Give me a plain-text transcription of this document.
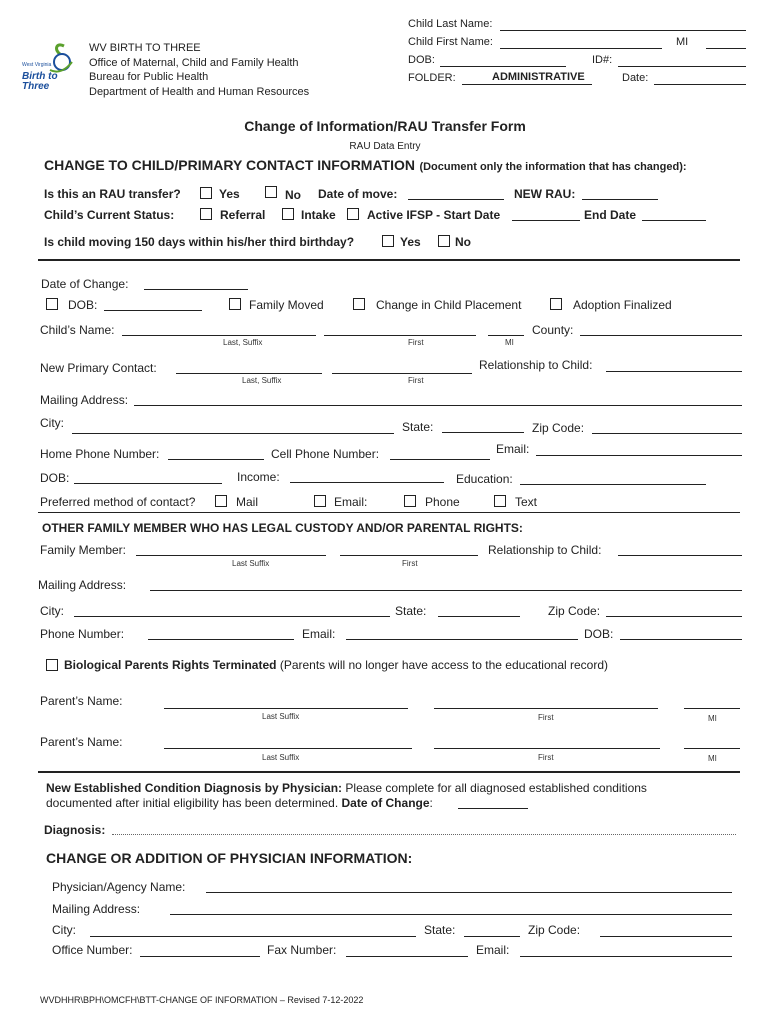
West Virginia
Birth to Three
WV BIRTH TO THREE
Office of Maternal, Child and Family Health
Bureau for Public Health
Department of Health and Human Resources
Child Last Name:
Child First Name:	MI
DOB:	ID#:
FOLDER:	ADMINISTRATIVE	Date:
Change of Information/RAU Transfer Form
RAU Data Entry
CHANGE TO CHILD/PRIMARY CONTACT INFORMATION (Document only the information that has changed):
Is this an RAU transfer?	Yes	No Date of move:	NEW RAU:
Child’s Current Status:	Referral	Intake	Active IFSP - Start Date	End Date
Is child moving 150 days within his/her third birthday?	Yes	No
Date of Change:
DOB:	Family Moved	Change in Child Placement	Adoption Finalized
Child’s Name:
Last, Suffix	First	MI
County:
New Primary Contact:
Last, Suffix	First
Relationship to Child:
Mailing Address:
City:	State:	Zip Code:
Home Phone Number:	Cell Phone Number:	Email:
DOB:	Income:	Education:
Preferred method of contact?	Mail	Email:	Phone	Text
OTHER FAMILY MEMBER WHO HAS LEGAL CUSTODY AND/OR PARENTAL RIGHTS:
Family Member:
Last Suffix	First
Relationship to Child:
Mailing Address:
City:	State:	Zip Code:
Phone Number:	Email:	DOB:
Biological Parents Rights Terminated (Parents will no longer have access to the educational record)
Parent’s Name:
Last Suffix	First	MI
Parent’s Name:
Last Suffix	First	MI
New Established Condition Diagnosis by Physician: Please complete for all diagnosed established conditions
documented after initial eligibility has been determined. Date of Change:
Diagnosis:
CHANGE OR ADDITION OF PHYSICIAN INFORMATION:
Physician/Agency Name:
Mailing Address:
City:	State:	Zip Code:
Office Number:	Fax Number:	Email:
WVDHHR\BPH\OMCFH\BTT-CHANGE OF INFORMATION – Revised 7-12-2022
